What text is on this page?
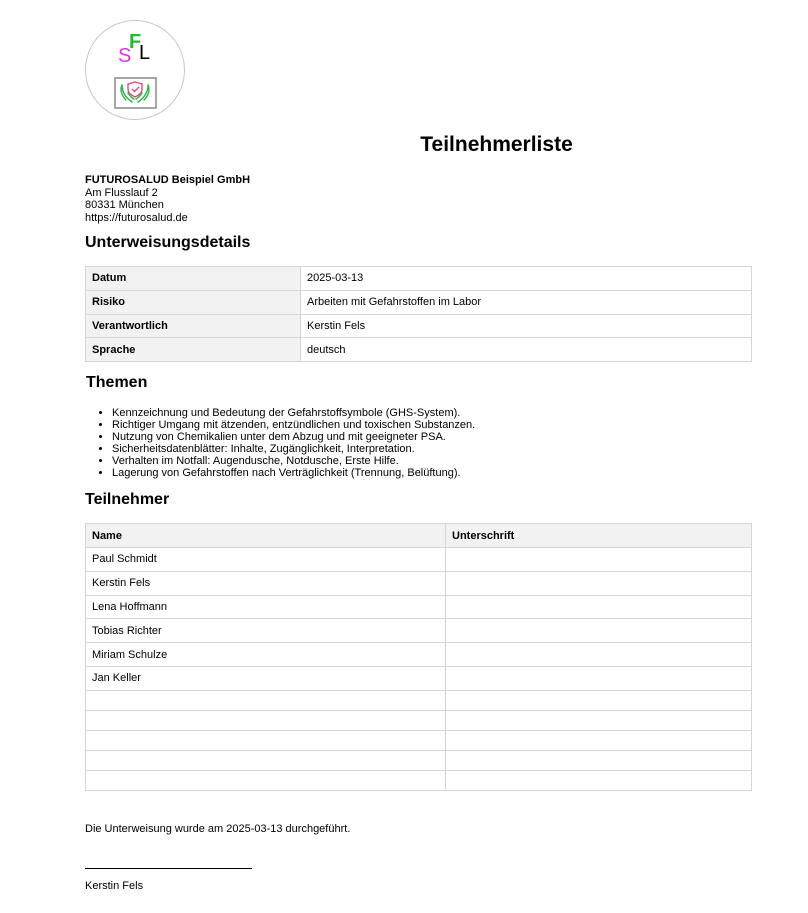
S
F
L
Teilnehmerliste
FUTUROSALUD Beispiel GmbH
Am Flusslauf 2
80331 München
https://futurosalud.de
Unterweisungsdetails
Datum	2025-03-13
Risiko	Arbeiten mit Gefahrstoffen im Labor
Verantwortlich	Kerstin Fels
Sprache	deutsch
Themen
• Kennzeichnung und Bedeutung der Gefahrstoffsymbole (GHS-System).
• Richtiger Umgang mit ätzenden, entzündlichen und toxischen Substanzen.
• Nutzung von Chemikalien unter dem Abzug und mit geeigneter PSA.
• Sicherheitsdatenblätter: Inhalte, Zugänglichkeit, Interpretation.
• Verhalten im Notfall: Augendusche, Notdusche, Erste Hilfe.
• Lagerung von Gefahrstoffen nach Verträglichkeit (Trennung, Belüftung).
Teilnehmer
Name	Unterschrift
Paul Schmidt	
Kerstin Fels	
Lena Hoffmann	
Tobias Richter	
Miriam Schulze	
Jan Keller	

Die Unterweisung wurde am 2025-03-13 durchgeführt.
Kerstin Fels
